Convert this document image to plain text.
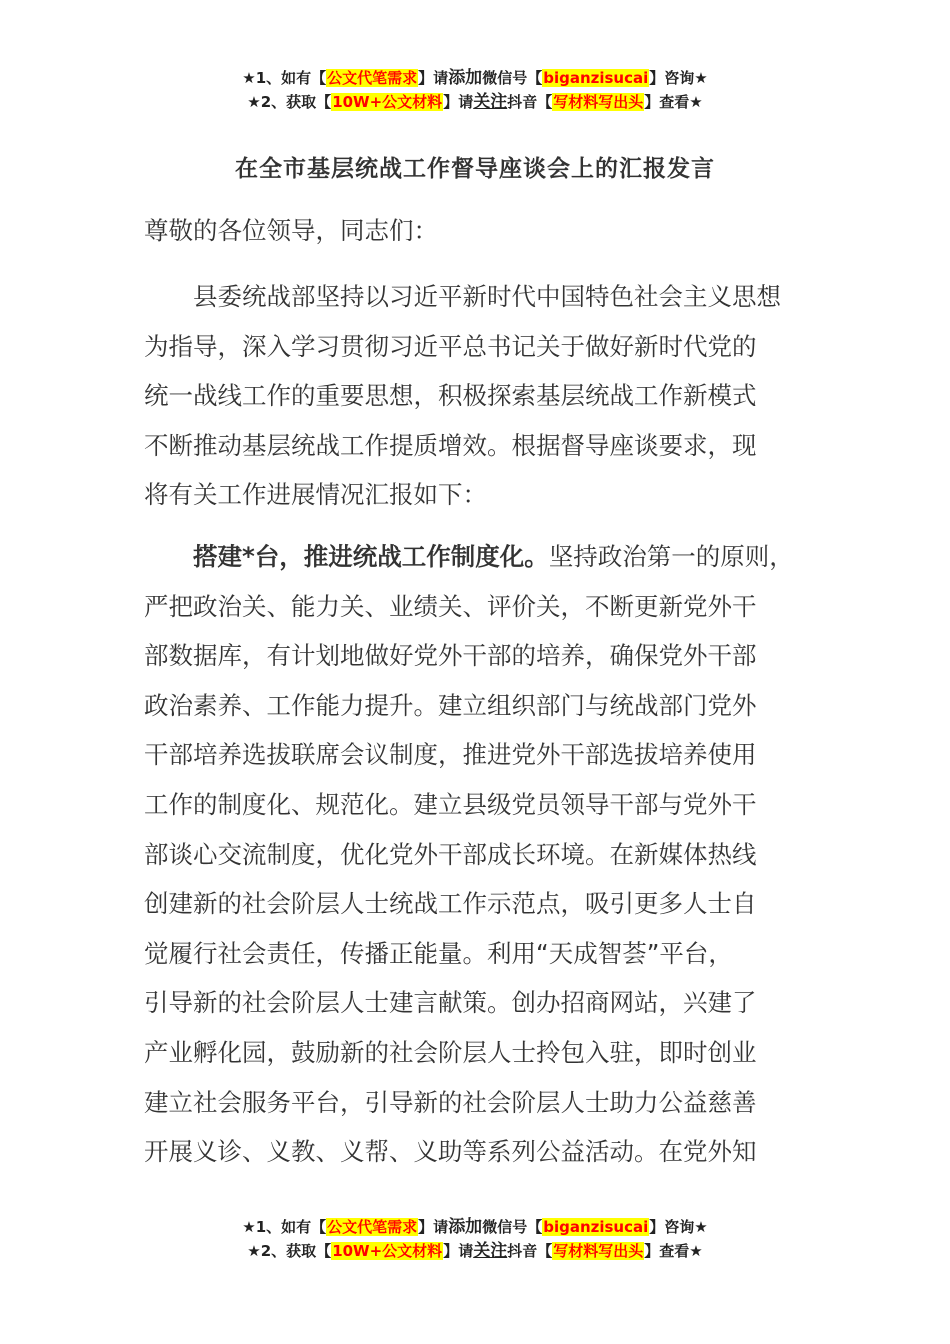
★1、如有【公文代笔需求】请添加微信号【biganzisucai】咨询★
★2、获取【10W+公文材料】请关注抖音【写材料写出头】查看★
在全市基层统战工作督导座谈会上的汇报发言
尊敬的各位领导，同志们：
　　县委统战部坚持以习近平新时代中国特色社会主义思想
为指导，深入学习贯彻习近平总书记关于做好新时代党的
统一战线工作的重要思想，积极探索基层统战工作新模式
不断推动基层统战工作提质增效。根据督导座谈要求，现
将有关工作进展情况汇报如下：
　　搭建*台，推进统战工作制度化。坚持政治第一的原则，
严把政治关、能力关、业绩关、评价关，不断更新党外干
部数据库，有计划地做好党外干部的培养，确保党外干部
政治素养、工作能力提升。建立组织部门与统战部门党外
干部培养选拔联席会议制度，推进党外干部选拔培养使用
工作的制度化、规范化。建立县级党员领导干部与党外干
部谈心交流制度，优化党外干部成长环境。在新媒体热线
创建新的社会阶层人士统战工作示范点，吸引更多人士自
觉履行社会责任，传播正能量。利用“天成智荟”平台，
引导新的社会阶层人士建言献策。创办招商网站，兴建了
产业孵化园，鼓励新的社会阶层人士拎包入驻，即时创业
建立社会服务平台，引导新的社会阶层人士助力公益慈善
开展义诊、义教、义帮、义助等系列公益活动。在党外知
★1、如有【公文代笔需求】请添加微信号【biganzisucai】咨询★
★2、获取【10W+公文材料】请关注抖音【写材料写出头】查看★
